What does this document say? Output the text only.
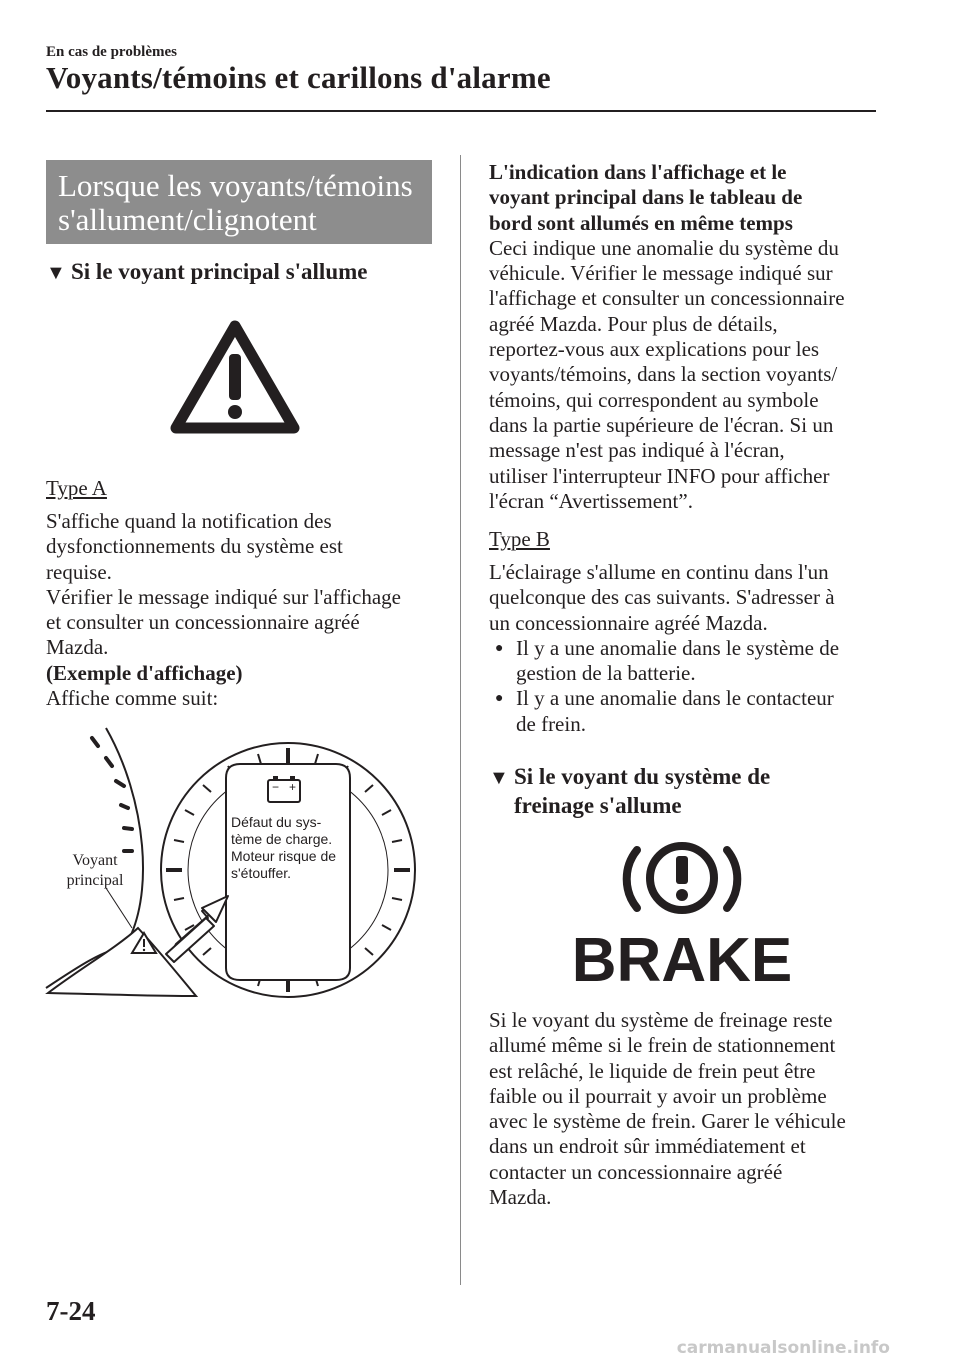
En cas de problèmes
Voyants/témoins et carillons d'alarme
Lorsque les voyants/témoins
s'allument/clignotent
▼ Si le voyant principal s'allume
Type A

S'affiche quand la notification des

dysfonctionnements du système est

requise.

Vérifier le message indiqué sur l'affichage

et consulter un concessionnaire agréé

Mazda.

(Exemple d'affichage)

Affiche comme suit:

− +
Défaut du sys-
tème de charge.
Moteur risque de
s'étouffer.
Voyant
principal

L'indication dans l'affichage et le

voyant principal dans le tableau de

bord sont allumés en même temps

Ceci indique une anomalie du système du

véhicule. Vérifier le message indiqué sur

l'affichage et consulter un concessionnaire

agréé Mazda. Pour plus de détails,

reportez-vous aux explications pour les

voyants/témoins, dans la section voyants/

témoins, qui correspondent au symbole

dans la partie supérieure de l'écran. Si un

message n'est pas indiqué à l'écran,

utiliser l'interrupteur INFO pour afficher

l'écran “Avertissement”.

Type B

L'éclairage s'allume en continu dans l'un

quelconque des cas suivants. S'adresser à

un concessionnaire agréé Mazda.

● Il y a une anomalie dans le système de
gestion de la batterie.
● Il y a une anomalie dans le contacteur
de frein.
▼ Si le voyant du système de
freinage s'allume
BRAKE

Si le voyant du système de freinage reste

allumé même si le frein de stationnement

est relâché, le liquide de frein peut être

faible ou il pourrait y avoir un problème

avec le système de frein. Garer le véhicule

dans un endroit sûr immédiatement et

contacter un concessionnaire agréé

Mazda.

7-24
carmanualsonline.info
